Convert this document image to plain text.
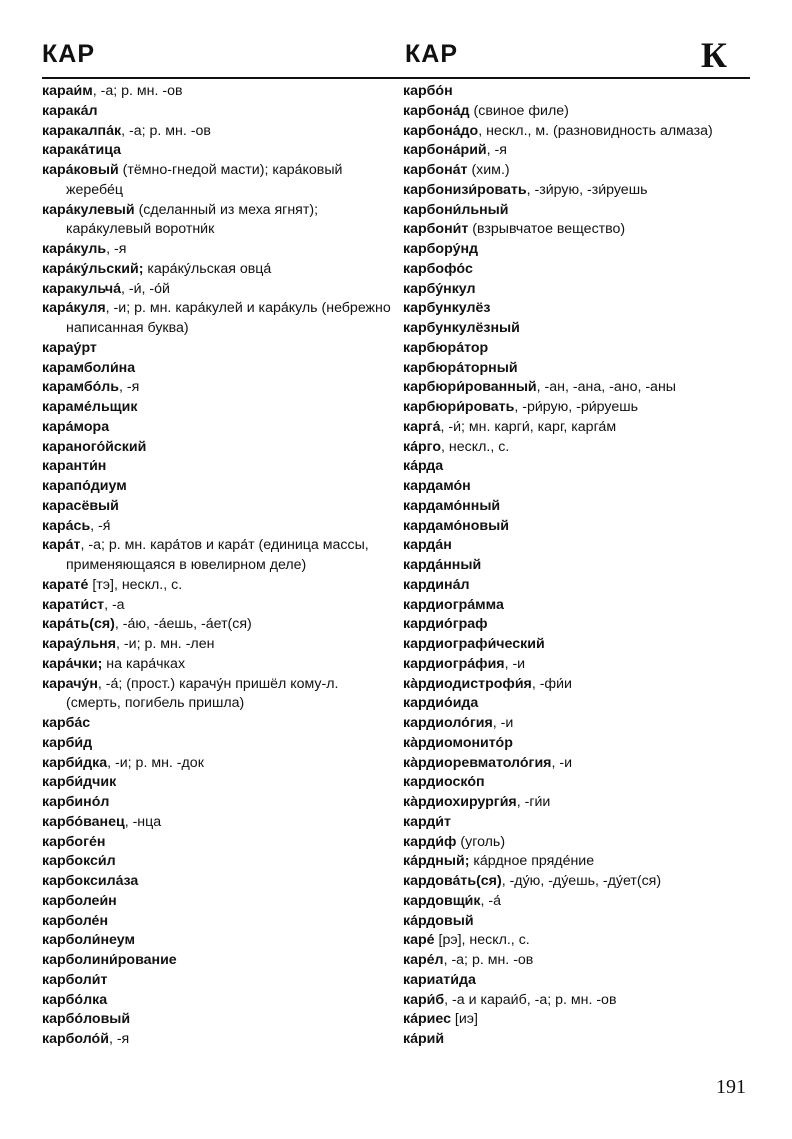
КАР	КАР	К
караи́м, -а; р. мн. -ов
карака́л
каракалпа́к, -а; р. мн. -ов
карака́тица
кара́ковый (тёмно-гнедой масти); кара́ковый жеребе́ц
кара́кулевый (сделанный из меха ягнят); кара́кулевый воротни́к
кара́куль, -я
кара́ку́льский; кара́ку́льская овца́
каракульча́, -и́, -о́й
кара́куля, -и; р. мн. кара́кулей и кара́куль (небрежно написанная буква)
карау́рт
карамболи́на
карамбо́ль, -я
караме́льщик
кара́мора
караного́йский
каранти́н
карапо́диум
карасёвый
кара́сь, -я́
кара́т, -а; р. мн. кара́тов и кара́т (единица массы, применяющаяся в ювелирном деле)
карате́ [тэ], нескл., с.
карати́ст, -а
кара́ть(ся), -а́ю, -а́ешь, -а́ет(ся)
карау́льня, -и; р. мн. -лен
кара́чки; на кара́чках
карачу́н, -а́; (прост.) карачу́н пришёл кому-л. (смерть, погибель пришла)
карба́с
карби́д
карби́дка, -и; р. мн. -док
карби́дчик
карбино́л
карбо́ванец, -нца
карбоге́н
карбокси́л
карбоксила́за
карболеи́н
карболе́н
карболи́неум
карболини́рование
карболи́т
карбо́лка
карбо́ловый
карболо́й, -я
карбо́н
карбона́д (свиное филе)
карбона́до, нескл., м. (разновидность алмаза)
карбона́рий, -я
карбона́т (хим.)
карбонизи́ровать, -зи́рую, -зи́руешь
карбони́льный
карбони́т (взрывчатое вещество)
карбору́нд
карбофо́с
карбу́нкул
карбункулёз
карбункулёзный
карбюра́тор
карбюра́торный
карбюри́рованный, -ан, -ана, -ано, -аны
карбюри́ровать, -ри́рую, -ри́руешь
карга́, -и́; мн. карги́, карг, карга́м
ка́рго, нескл., с.
ка́рда
кардамо́н
кардамо́нный
кардамо́новый
карда́н
карда́нный
кардина́л
кардиогра́мма
кардио́граф
кардиографи́ческий
кардиогра́фия, -и
ка̀рдиодистрофи́я, -фи́и
кардио́ида
кардиоло́гия, -и
ка̀рдиомонито́р
ка̀рдиоревматоло́гия, -и
кардиоско́п
ка̀рдиохирурги́я, -ги́и
карди́т
карди́ф (уголь)
ка́рдный; ка́рдное пряде́ние
кардова́ть(ся), -ду́ю, -ду́ешь, -ду́ет(ся)
кардовщи́к, -а́
ка́рдовый
каре́ [рэ], нескл., с.
каре́л, -а; р. мн. -ов
кариати́да
кари́б, -а и караи́б, -а; р. мн. -ов
ка́риес [иэ]
ка́рий
191
